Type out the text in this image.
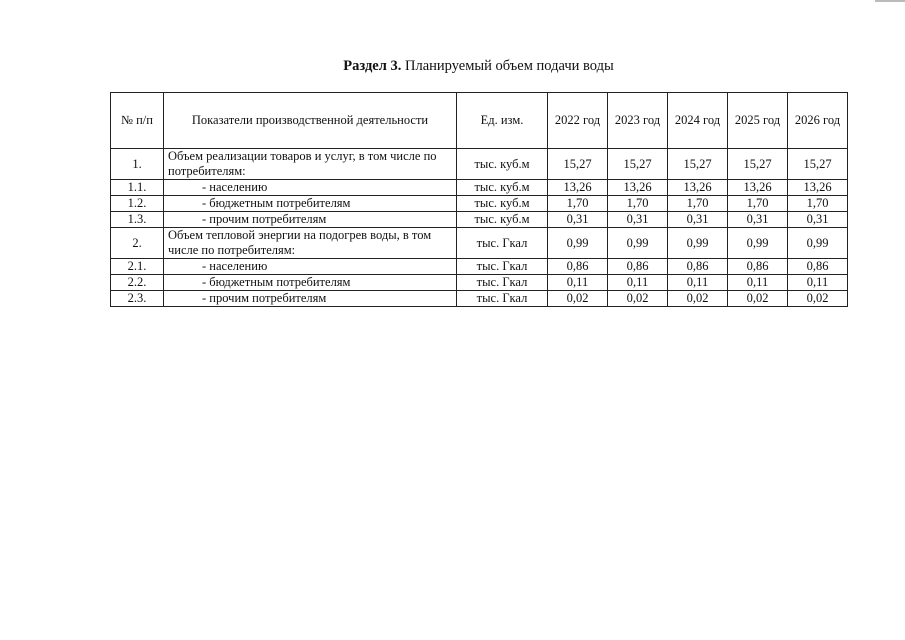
Раздел 3. Планируемый объем подачи воды
№ п/п	Показатели производственной деятельности	Ед. изм.	2022 год	2023 год	2024 год	2025 год	2026 год
1.	Объем реализации товаров и услуг, в том числе по потребителям:	тыс. куб.м	15,27	15,27	15,27	15,27	15,27
1.1.	- населению	тыс. куб.м	13,26	13,26	13,26	13,26	13,26
1.2.	- бюджетным потребителям	тыс. куб.м	1,70	1,70	1,70	1,70	1,70
1.3.	- прочим потребителям	тыс. куб.м	0,31	0,31	0,31	0,31	0,31
2.	Объем тепловой энергии на подогрев воды, в том числе по потребителям:	тыс. Гкал	0,99	0,99	0,99	0,99	0,99
2.1.	- населению	тыс. Гкал	0,86	0,86	0,86	0,86	0,86
2.2.	- бюджетным потребителям	тыс. Гкал	0,11	0,11	0,11	0,11	0,11
2.3.	- прочим потребителям	тыс. Гкал	0,02	0,02	0,02	0,02	0,02
